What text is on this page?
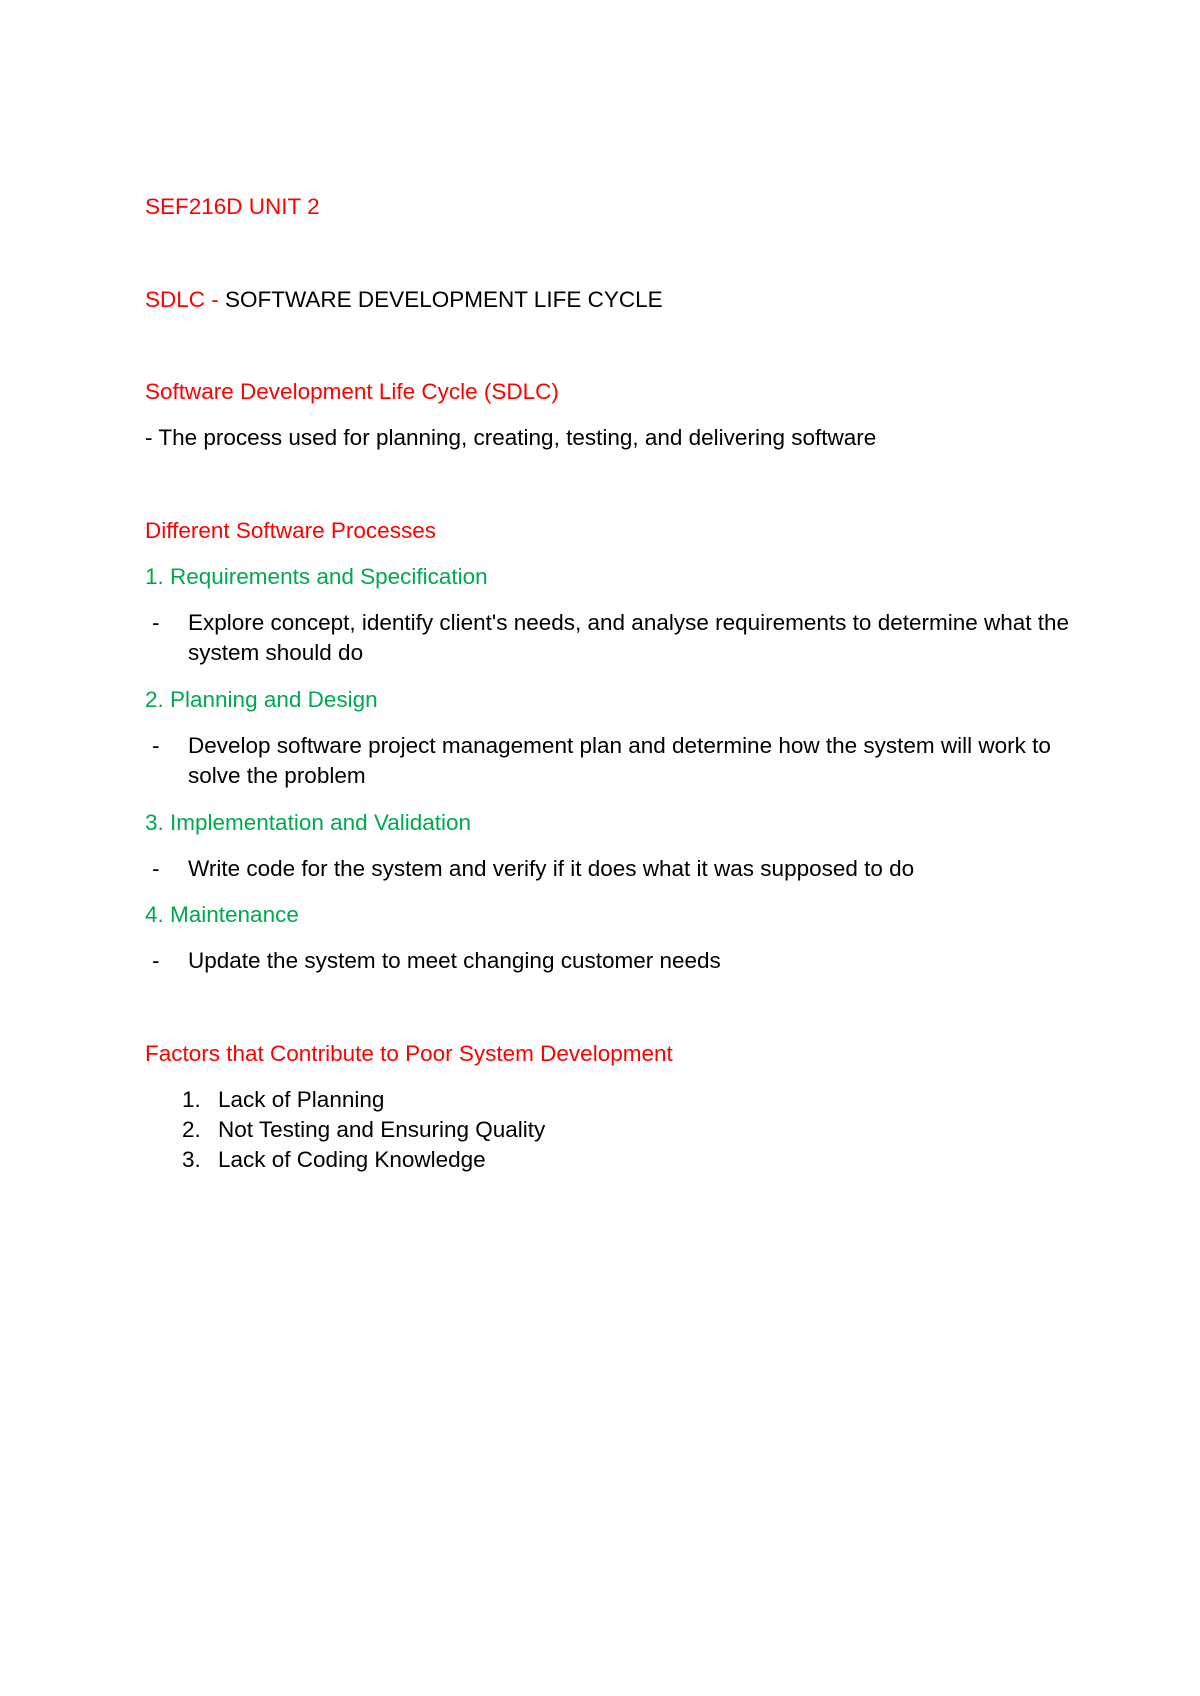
SEF216D UNIT 2
SDLC - SOFTWARE DEVELOPMENT LIFE CYCLE
Software Development Life Cycle (SDLC)
- The process used for planning, creating, testing, and delivering software
Different Software Processes
1. Requirements and Specification
- Explore concept, identify client's needs, and analyse requirements to determine what the system should do
2. Planning and Design
- Develop software project management plan and determine how the system will work to solve the problem
3. Implementation and Validation
- Write code for the system and verify if it does what it was supposed to do
4. Maintenance
- Update the system to meet changing customer needs
Factors that Contribute to Poor System Development
1. Lack of Planning
2. Not Testing and Ensuring Quality
3. Lack of Coding Knowledge
